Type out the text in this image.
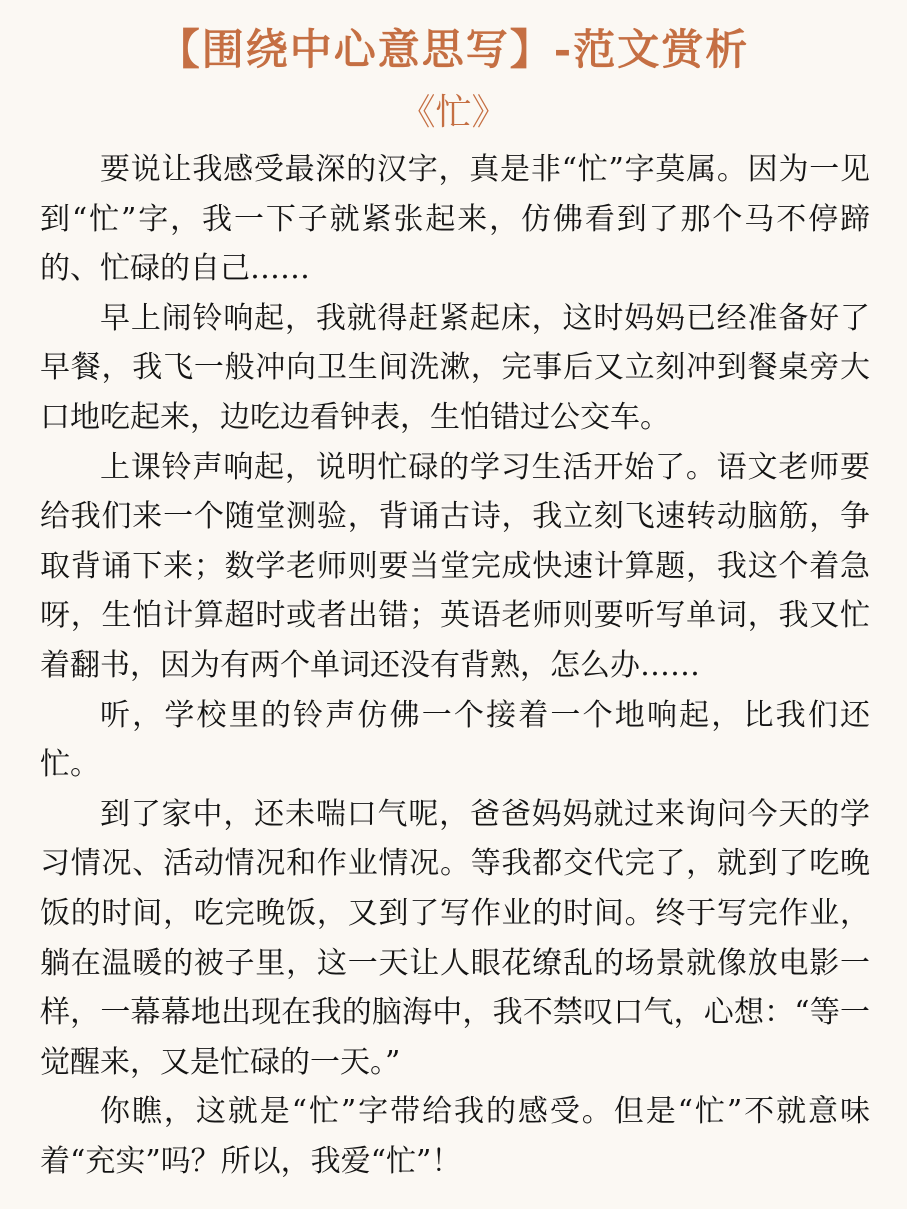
【围绕中心意思写】-范文赏析
《忙》

要说让我感受最深的汉字，真是非“忙”字莫属。因为一见到“忙”字，我一下子就紧张起来，仿佛看到了那个马不停蹄的、忙碌的自己……

早上闹铃响起，我就得赶紧起床，这时妈妈已经准备好了早餐，我飞一般冲向卫生间洗漱，完事后又立刻冲到餐桌旁大口地吃起来，边吃边看钟表，生怕错过公交车。

上课铃声响起，说明忙碌的学习生活开始了。语文老师要给我们来一个随堂测验，背诵古诗，我立刻飞速转动脑筋，争取背诵下来；数学老师则要当堂完成快速计算题，我这个着急呀，生怕计算超时或者出错；英语老师则要听写单词，我又忙着翻书，因为有两个单词还没有背熟，怎么办……

听，学校里的铃声仿佛一个接着一个地响起，比我们还忙。

到了家中，还未喘口气呢，爸爸妈妈就过来询问今天的学习情况、活动情况和作业情况。等我都交代完了，就到了吃晚饭的时间，吃完晚饭，又到了写作业的时间。终于写完作业，躺在温暖的被子里，这一天让人眼花缭乱的场景就像放电影一样，一幕幕地出现在我的脑海中，我不禁叹口气，心想：“等一觉醒来，又是忙碌的一天。”

你瞧，这就是“忙”字带给我的感受。但是“忙”不就意味着“充实”吗？所以，我爱“忙”！
